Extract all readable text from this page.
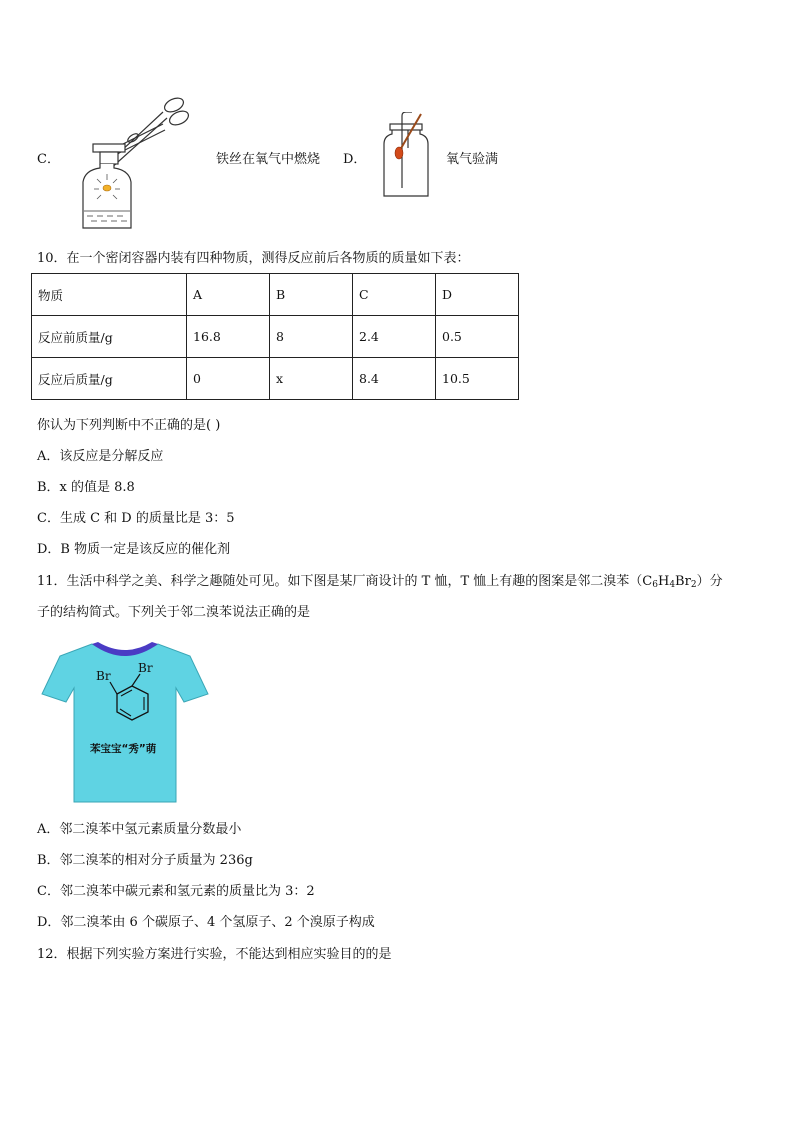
C．	铁丝在氧气中燃烧 D．	氧气验满
10．在一个密闭容器内装有四种物质，测得反应前后各物质的质量如下表：
物质	A	B	C	D
反应前质量/g	16.8	8	2.4	0.5
反应后质量/g	0	x	8.4	10.5
你认为下列判断中不正确的是( )
A．该反应是分解反应
B．x 的值是 8.8
C．生成 C 和 D 的质量比是 3：5
D．B 物质一定是该反应的催化剂
11．生活中科学之美、科学之趣随处可见。如下图是某厂商设计的 T 恤，T 恤上有趣的图案是邻二溴苯$(C_6H_4Br_2)$分
子的结构简式。下列关于邻二溴苯说法正确的是
Br
Br
苯宝宝“秀”萌
A．邻二溴苯中氢元素质量分数最小
B．邻二溴苯的相对分子质量为 236g
C．邻二溴苯中碳元素和氢元素的质量比为 3：2
D．邻二溴苯由 6 个碳原子、4 个氢原子、2 个溴原子构成
12．根据下列实验方案进行实验，不能达到相应实验目的的是
